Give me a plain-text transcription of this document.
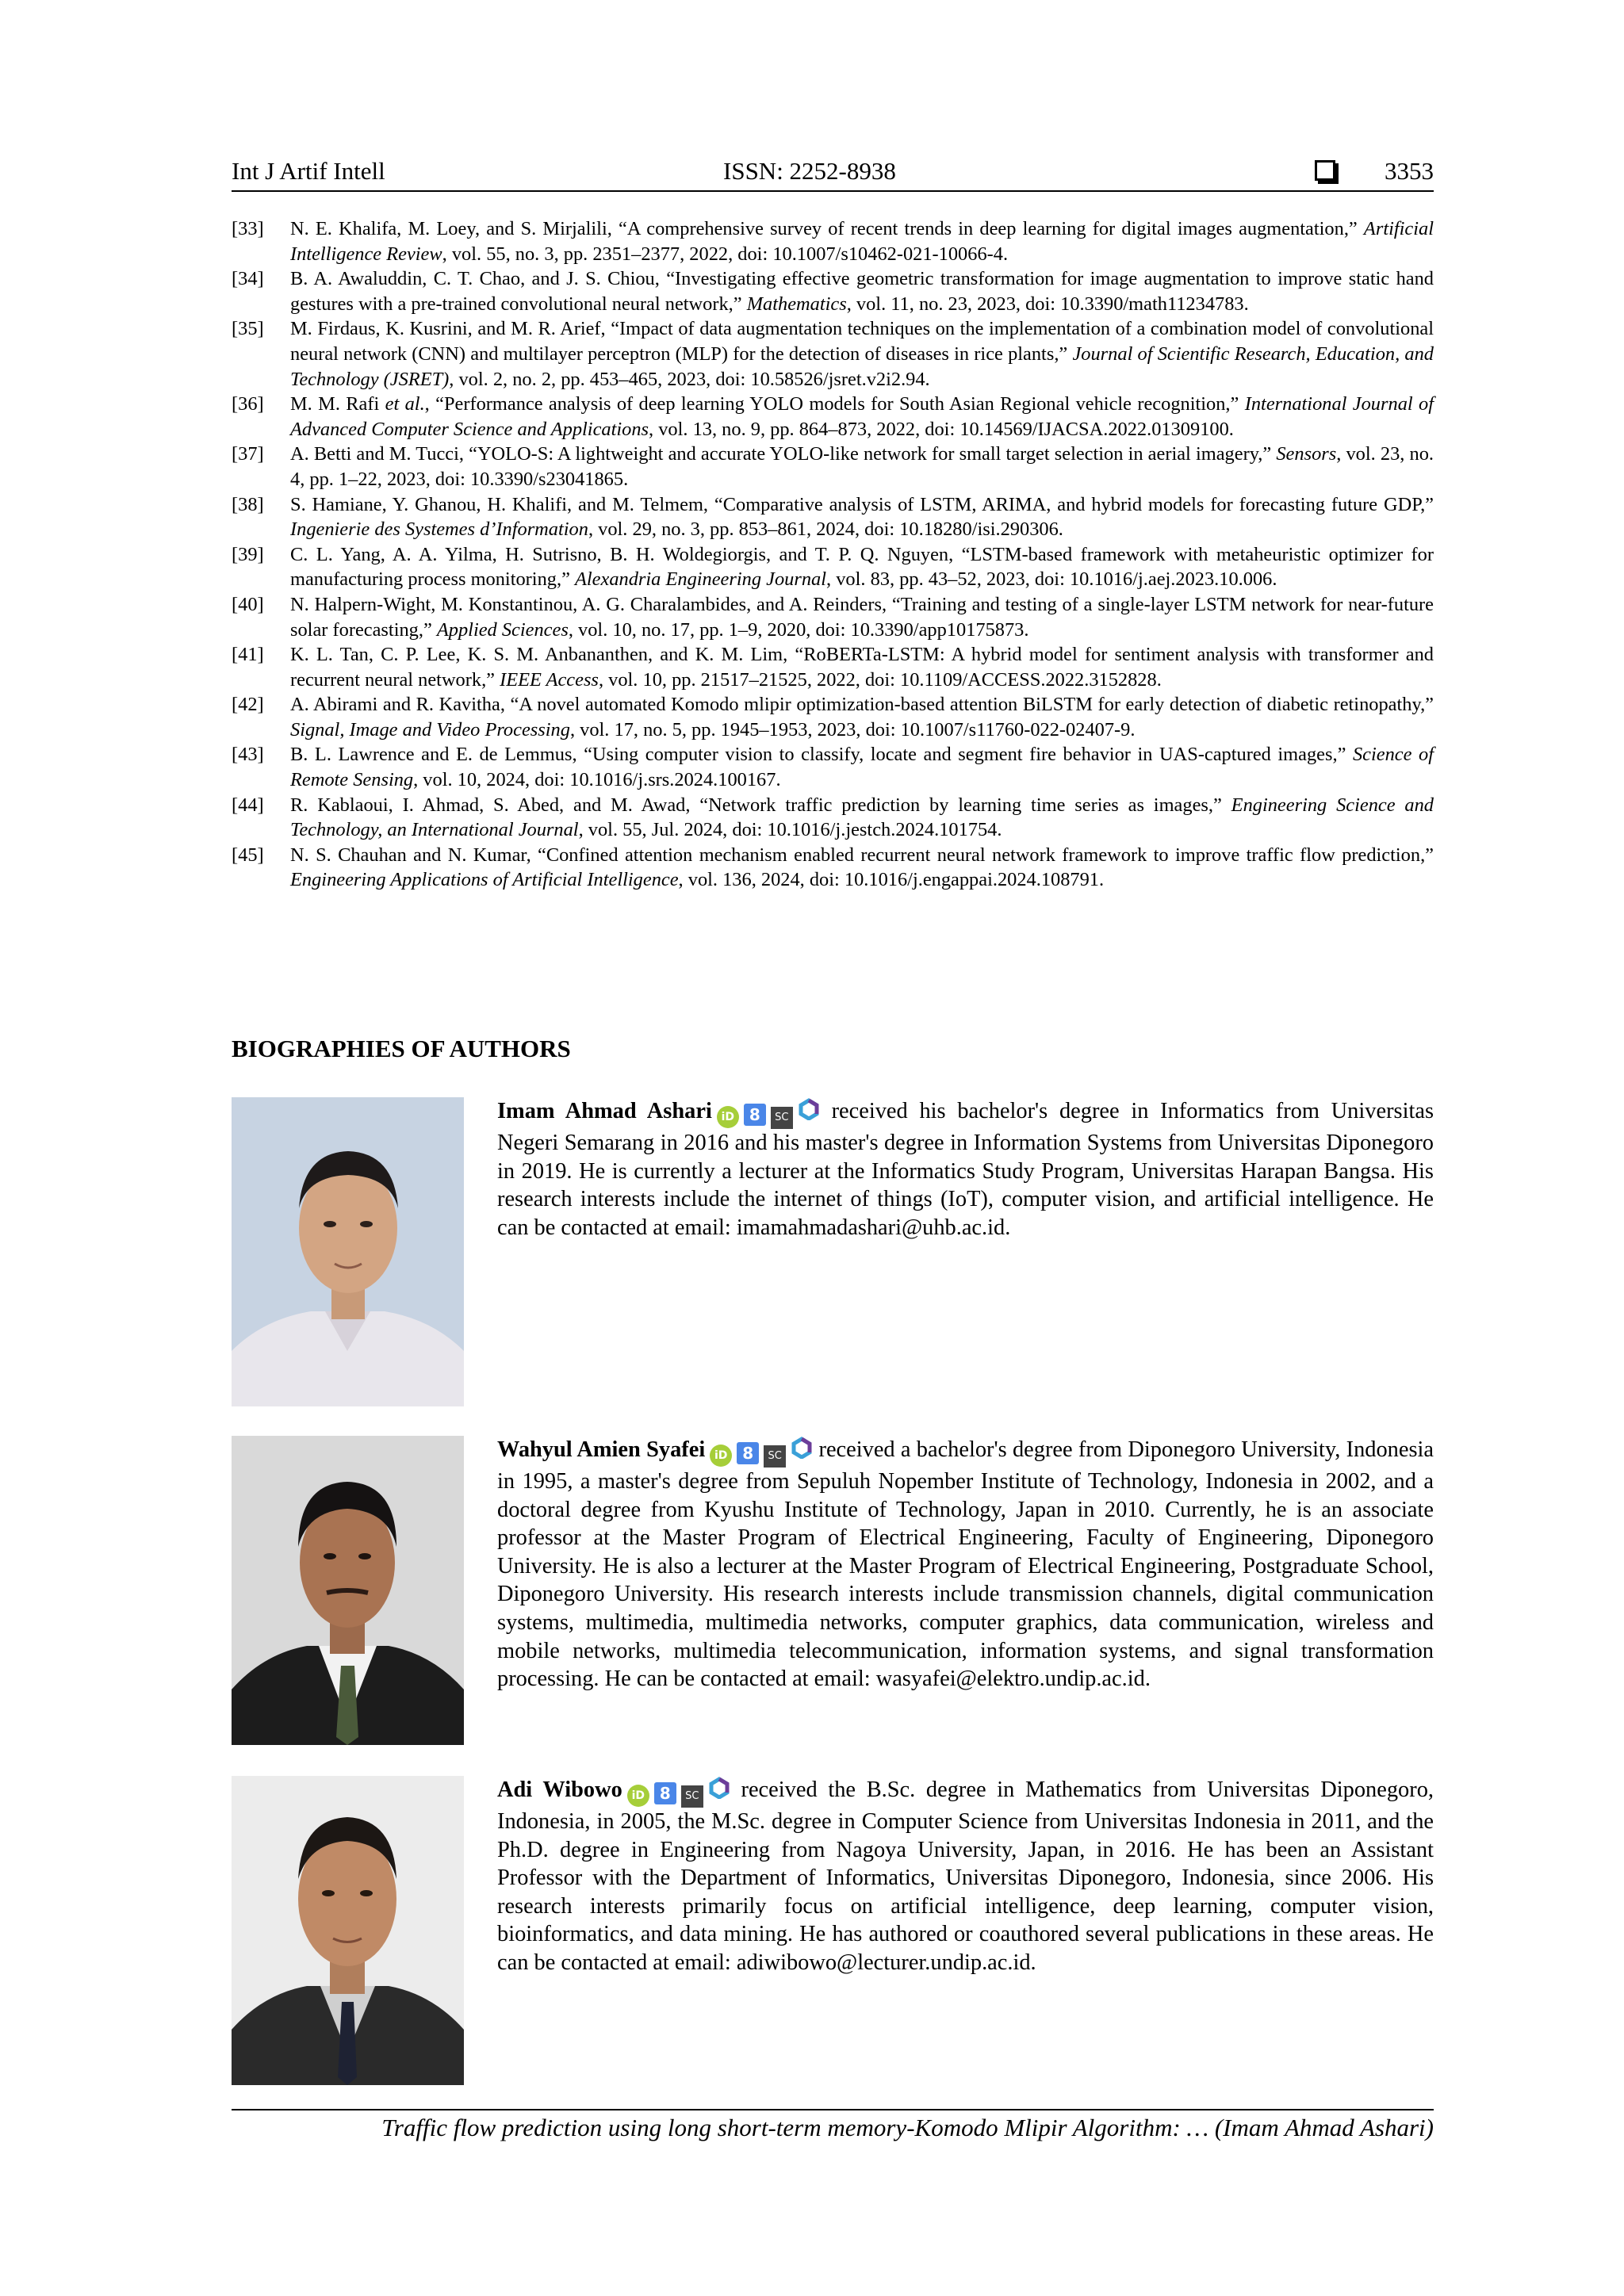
Int J Artif Intell	ISSN: 2252-8938	3353
[33]	N. E. Khalifa, M. Loey, and S. Mirjalili, “A comprehensive survey of recent trends in deep learning for digital images augmentation,” Artificial Intelligence Review, vol. 55, no. 3, pp. 2351–2377, 2022, doi: 10.1007/s10462-021-10066-4.
[34]	B. A. Awaluddin, C. T. Chao, and J. S. Chiou, “Investigating effective geometric transformation for image augmentation to improve static hand gestures with a pre-trained convolutional neural network,” Mathematics, vol. 11, no. 23, 2023, doi: 10.3390/math11234783.
[35]	M. Firdaus, K. Kusrini, and M. R. Arief, “Impact of data augmentation techniques on the implementation of a combination model of convolutional neural network (CNN) and multilayer perceptron (MLP) for the detection of diseases in rice plants,” Journal of Scientific Research, Education, and Technology (JSRET), vol. 2, no. 2, pp. 453–465, 2023, doi: 10.58526/jsret.v2i2.94.
[36]	M. M. Rafi et al., “Performance analysis of deep learning YOLO models for South Asian Regional vehicle recognition,” International Journal of Advanced Computer Science and Applications, vol. 13, no. 9, pp. 864–873, 2022, doi: 10.14569/IJACSA.2022.01309100.
[37]	A. Betti and M. Tucci, “YOLO-S: A lightweight and accurate YOLO-like network for small target selection in aerial imagery,” Sensors, vol. 23, no. 4, pp. 1–22, 2023, doi: 10.3390/s23041865.
[38]	S. Hamiane, Y. Ghanou, H. Khalifi, and M. Telmem, “Comparative analysis of LSTM, ARIMA, and hybrid models for forecasting future GDP,” Ingenierie des Systemes d’Information, vol. 29, no. 3, pp. 853–861, 2024, doi: 10.18280/isi.290306.
[39]	C. L. Yang, A. A. Yilma, H. Sutrisno, B. H. Woldegiorgis, and T. P. Q. Nguyen, “LSTM-based framework with metaheuristic optimizer for manufacturing process monitoring,” Alexandria Engineering Journal, vol. 83, pp. 43–52, 2023, doi: 10.1016/j.aej.2023.10.006.
[40]	N. Halpern-Wight, M. Konstantinou, A. G. Charalambides, and A. Reinders, “Training and testing of a single-layer LSTM network for near-future solar forecasting,” Applied Sciences, vol. 10, no. 17, pp. 1–9, 2020, doi: 10.3390/app10175873.
[41]	K. L. Tan, C. P. Lee, K. S. M. Anbananthen, and K. M. Lim, “RoBERTa-LSTM: A hybrid model for sentiment analysis with transformer and recurrent neural network,” IEEE Access, vol. 10, pp. 21517–21525, 2022, doi: 10.1109/ACCESS.2022.3152828.
[42]	A. Abirami and R. Kavitha, “A novel automated Komodo mlipir optimization-based attention BiLSTM for early detection of diabetic retinopathy,” Signal, Image and Video Processing, vol. 17, no. 5, pp. 1945–1953, 2023, doi: 10.1007/s11760-022-02407-9.
[43]	B. L. Lawrence and E. de Lemmus, “Using computer vision to classify, locate and segment fire behavior in UAS-captured images,” Science of Remote Sensing, vol. 10, 2024, doi: 10.1016/j.srs.2024.100167.
[44]	R. Kablaoui, I. Ahmad, S. Abed, and M. Awad, “Network traffic prediction by learning time series as images,” Engineering Science and Technology, an International Journal, vol. 55, Jul. 2024, doi: 10.1016/j.jestch.2024.101754.
[45]	N. S. Chauhan and N. Kumar, “Confined attention mechanism enabled recurrent neural network framework to improve traffic flow prediction,” Engineering Applications of Artificial Intelligence, vol. 136, 2024, doi: 10.1016/j.engappai.2024.108791.
BIOGRAPHIES OF AUTHORS
Imam Ahmad Ashari iD 8 SC received his bachelor's degree in Informatics from Universitas Negeri Semarang in 2016 and his master's degree in Information Systems from Universitas Diponegoro in 2019. He is currently a lecturer at the Informatics Study Program, Universitas Harapan Bangsa. His research interests include the internet of things (IoT), computer vision, and artificial intelligence. He can be contacted at email: imamahmadashari@uhb.ac.id.
Wahyul Amien Syafei iD 8 SC received a bachelor's degree from Diponegoro University, Indonesia in 1995, a master's degree from Sepuluh Nopember Institute of Technology, Indonesia in 2002, and a doctoral degree from Kyushu Institute of Technology, Japan in 2010. Currently, he is an associate professor at the Master Program of Electrical Engineering, Faculty of Engineering, Diponegoro University. He is also a lecturer at the Master Program of Electrical Engineering, Postgraduate School, Diponegoro University. His research interests include transmission channels, digital communication systems, multimedia, multimedia networks, computer graphics, data communication, wireless and mobile networks, multimedia telecommunication, information systems, and signal transformation processing. He can be contacted at email: wasyafei@elektro.undip.ac.id.
Adi Wibowo iD 8 SC received the B.Sc. degree in Mathematics from Universitas Diponegoro, Indonesia, in 2005, the M.Sc. degree in Computer Science from Universitas Indonesia in 2011, and the Ph.D. degree in Engineering from Nagoya University, Japan, in 2016. He has been an Assistant Professor with the Department of Informatics, Universitas Diponegoro, Indonesia, since 2006. His research interests primarily focus on artificial intelligence, deep learning, computer vision, bioinformatics, and data mining. He has authored or coauthored several publications in these areas. He can be contacted at email: adiwibowo@lecturer.undip.ac.id.
Traffic flow prediction using long short-term memory-Komodo Mlipir Algorithm: … (Imam Ahmad Ashari)
